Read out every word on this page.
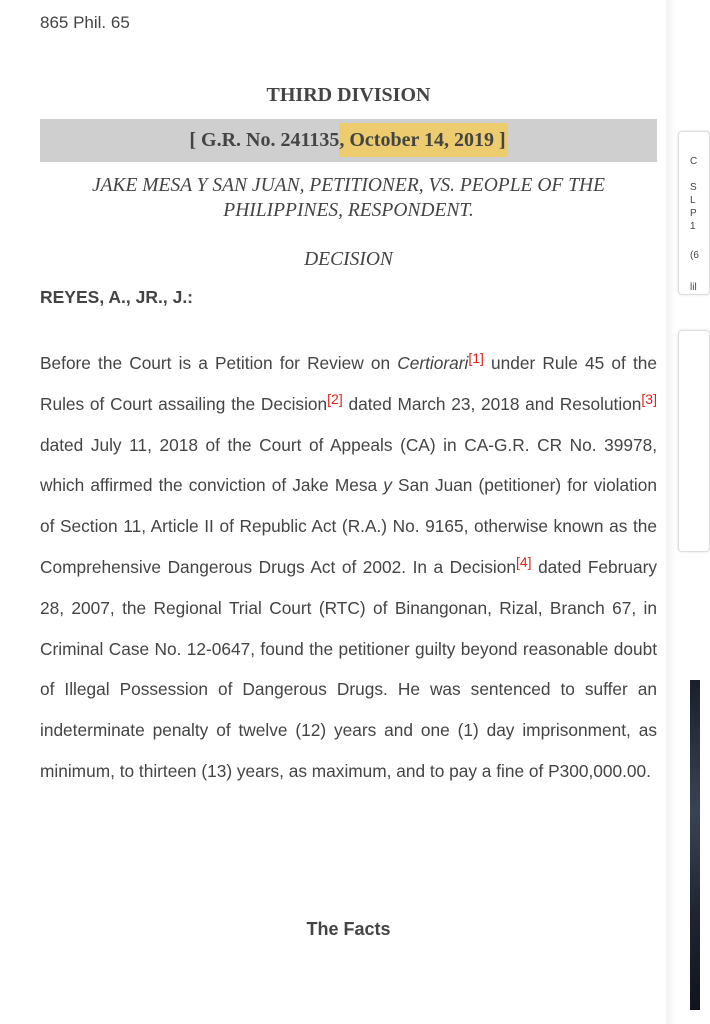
865 Phil. 65
THIRD DIVISION
[ G.R. No. 241135, October 14, 2019 ]
JAKE MESA Y SAN JUAN, PETITIONER, VS. PEOPLE OF THE PHILIPPINES, RESPONDENT.
DECISION
REYES, A., JR., J.:

Before the Court is a Petition for Review on Certiorari[1] under Rule 45 of the Rules of Court assailing the Decision[2] dated March 23, 2018 and Resolution[3] dated July 11, 2018 of the Court of Appeals (CA) in CA-G.R. CR No. 39978, which affirmed the conviction of Jake Mesa y San Juan (petitioner) for violation of Section 11, Article II of Republic Act (R.A.) No. 9165, otherwise known as the Comprehensive Dangerous Drugs Act of 2002. In a Decision[4] dated February 28, 2007, the Regional Trial Court (RTC) of Binangonan, Rizal, Branch 67, in Criminal Case No. 12-0647, found the petitioner guilty beyond reasonable doubt of Illegal Possession of Dangerous Drugs. He was sentenced to suffer an indeterminate penalty of twelve (12) years and one (1) day imprisonment, as minimum, to thirteen (13) years, as maximum, and to pay a fine of P300,000.00.

The Facts
C
S
L
P
1
(6
lil
